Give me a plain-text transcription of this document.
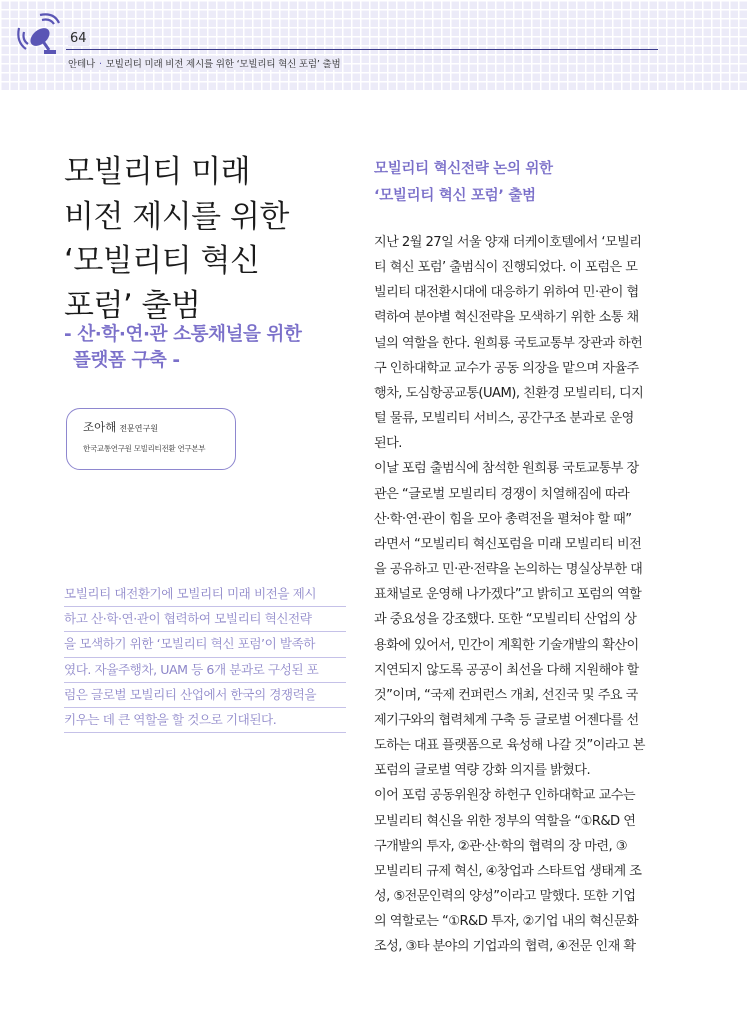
64
안테나 · 모빌리티 미래 비전 제시를 위한 ‘모빌리티 혁신 포럼’ 출범
모빌리티 미래
비전 제시를 위한
‘모빌리티 혁신
포럼’ 출범
- 산·학·연·관 소통채널을 위한
플랫폼 구축 -
조아해 전문연구원
한국교통연구원 모빌리티전환 연구본부

모빌리티 대전환기에 모빌리티 미래 비전을 제시
하고 산·학·연·관이 협력하여 모빌리티 혁신전략
을 모색하기 위한 ‘모빌리티 혁신 포럼’이 발족하
였다. 자율주행차, UAM 등 6개 분과로 구성된 포
럼은 글로벌 모빌리티 산업에서 한국의 경쟁력을
키우는 데 큰 역할을 할 것으로 기대된다.

모빌리티 혁신전략 논의 위한
‘모빌리티 혁신 포럼’ 출범
지난 2월 27일 서울 양재 더케이호텔에서 ‘모빌리
티 혁신 포럼’ 출범식이 진행되었다. 이 포럼은 모
빌리티 대전환시대에 대응하기 위하여 민·관이 협
력하여 분야별 혁신전략을 모색하기 위한 소통 채
널의 역할을 한다. 원희룡 국토교통부 장관과 하헌
구 인하대학교 교수가 공동 의장을 맡으며 자율주
행차, 도심항공교통(UAM), 친환경 모빌리티, 디지
털 물류, 모빌리티 서비스, 공간구조 분과로 운영
된다.
이날 포럼 출범식에 참석한 원희룡 국토교통부 장
관은 “글로벌 모빌리티 경쟁이 치열해짐에 따라
산·학·연·관이 힘을 모아 총력전을 펼쳐야 할 때”
라면서 “모빌리티 혁신포럼을 미래 모빌리티 비전
을 공유하고 민·관·전략을 논의하는 명실상부한 대
표채널로 운영해 나가겠다”고 밝히고 포럼의 역할
과 중요성을 강조했다. 또한 “모빌리티 산업의 상
용화에 있어서, 민간이 계획한 기술개발의 확산이
지연되지 않도록 공공이 최선을 다해 지원해야 할
것”이며, “국제 컨퍼런스 개최, 선진국 및 주요 국
제기구와의 협력체계 구축 등 글로벌 어젠다를 선
도하는 대표 플랫폼으로 육성해 나갈 것”이라고 본
포럼의 글로벌 역량 강화 의지를 밝혔다.
이어 포럼 공동위원장 하헌구 인하대학교 교수는
모빌리티 혁신을 위한 정부의 역할을 “①R&D 연
구개발의 투자, ②관·산·학의 협력의 장 마련, ③
모빌리티 규제 혁신, ④창업과 스타트업 생태계 조
성, ⑤전문인력의 양성”이라고 말했다. 또한 기업
의 역할로는 “①R&D 투자, ②기업 내의 혁신문화
조성, ③타 분야의 기업과의 협력, ④전문 인재 확
